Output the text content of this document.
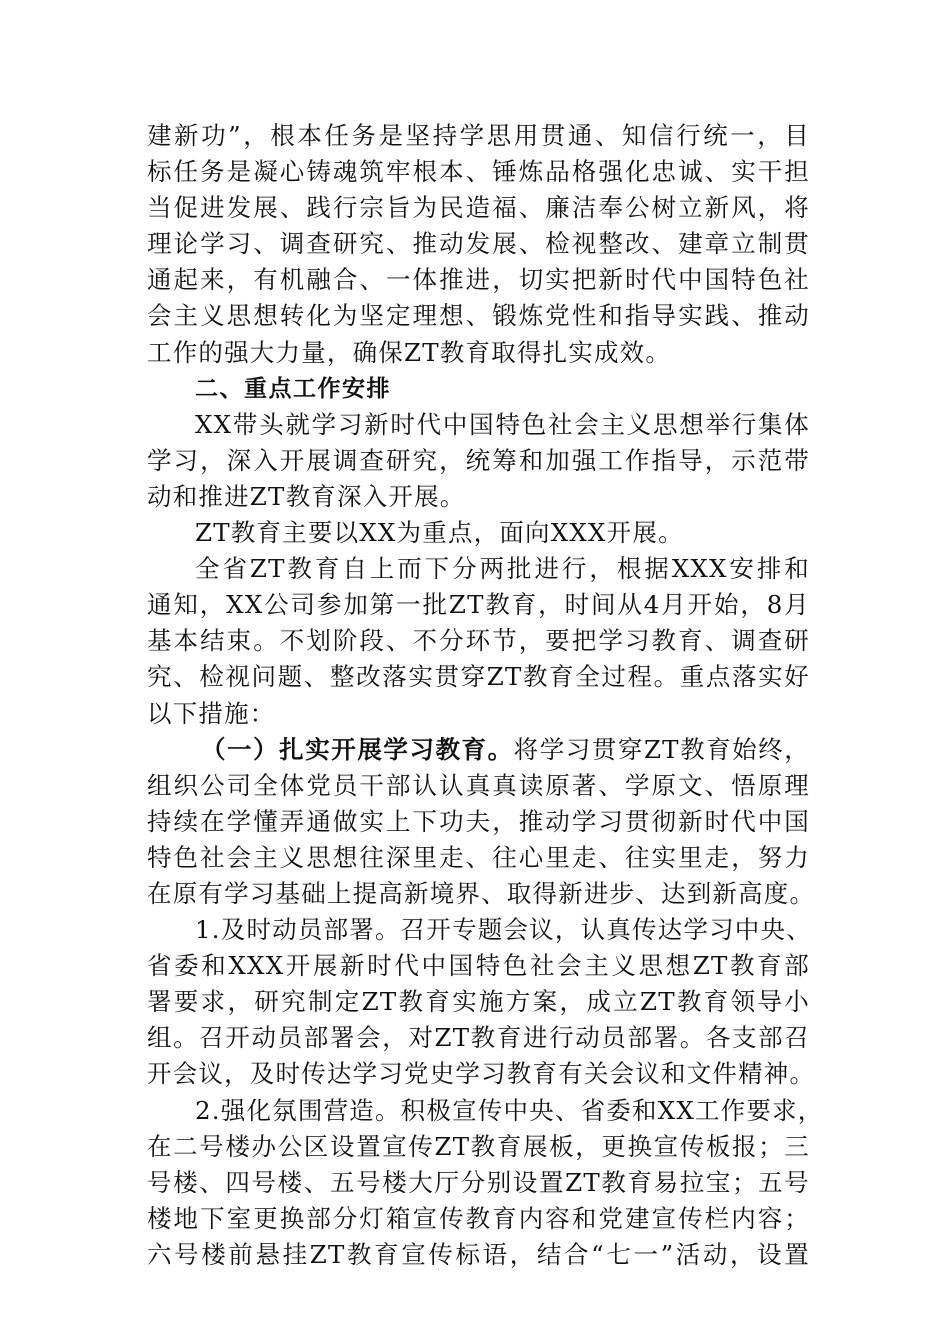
建新功”，根本任务是坚持学思用贯通、知信行统一，目
标任务是凝心铸魂筑牢根本、锤炼品格强化忠诚、实干担
当促进发展、践行宗旨为民造福、廉洁奉公树立新风，将
理论学习、调查研究、推动发展、检视整改、建章立制贯
通起来，有机融合、一体推进，切实把新时代中国特色社
会主义思想转化为坚定理想、锻炼党性和指导实践、推动
工作的强大力量，确保ZT教育取得扎实成效。
二、重点工作安排
XX带头就学习新时代中国特色社会主义思想举行集体
学习，深入开展调查研究，统筹和加强工作指导，示范带
动和推进ZT教育深入开展。
ZT教育主要以XX为重点，面向XXX开展。
全省ZT教育自上而下分两批进行，根据XXX安排和
通知，XX公司参加第一批ZT教育，时间从4月开始，8月
基本结束。不划阶段、不分环节，要把学习教育、调查研
究、检视问题、整改落实贯穿ZT教育全过程。重点落实好
以下措施：
（一）扎实开展学习教育。将学习贯穿ZT教育始终，
组织公司全体党员干部认认真真读原著、学原文、悟原理
持续在学懂弄通做实上下功夫，推动学习贯彻新时代中国
特色社会主义思想往深里走、往心里走、往实里走，努力
在原有学习基础上提高新境界、取得新进步、达到新高度。
1.及时动员部署。召开专题会议，认真传达学习中央、
省委和XXX开展新时代中国特色社会主义思想ZT教育部
署要求，研究制定ZT教育实施方案，成立ZT教育领导小
组。召开动员部署会，对ZT教育进行动员部署。各支部召
开会议，及时传达学习党史学习教育有关会议和文件精神。
2.强化氛围营造。积极宣传中央、省委和XX工作要求，
在二号楼办公区设置宣传ZT教育展板，更换宣传板报；三
号楼、四号楼、五号楼大厅分别设置ZT教育易拉宝；五号
楼地下室更换部分灯箱宣传教育内容和党建宣传栏内容；
六号楼前悬挂ZT教育宣传标语，结合“七一”活动，设置
